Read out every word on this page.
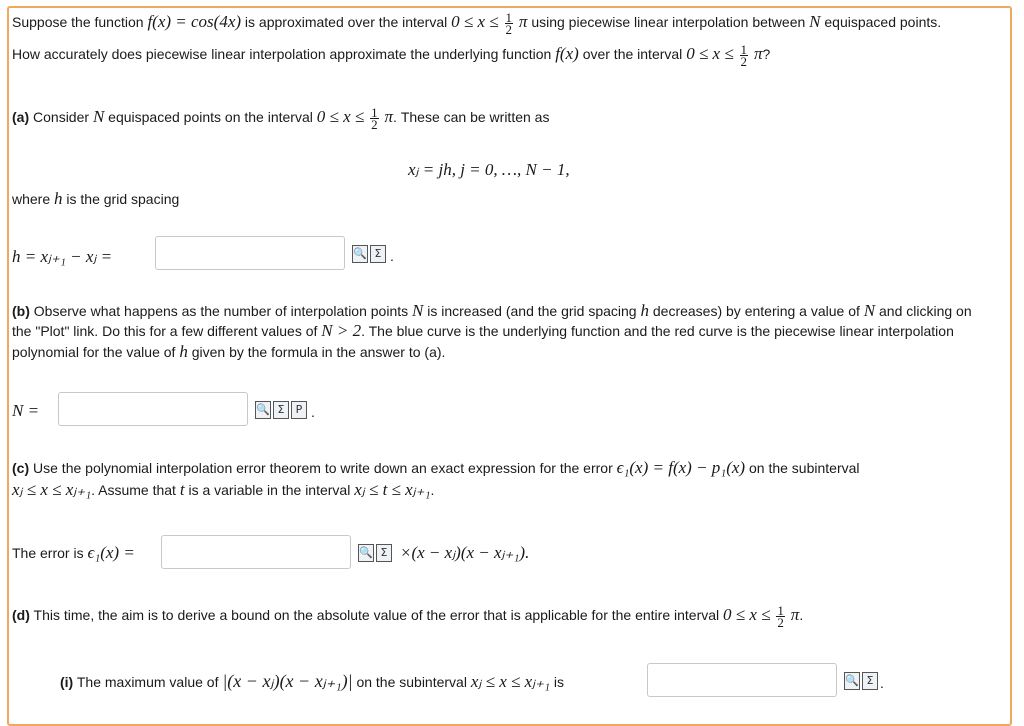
Suppose the function f(x) = cos(4x) is approximated over the interval $0 \le x \le \frac{1}{2}$ π using piecewise linear interpolation between N equispaced points.
How accurately does piecewise linear interpolation approximate the underlying function f(x) over the interval $0 \le x \le \frac{1}{2} \pi$?
(a) Consider N equispaced points on the interval $0 \le x \le \frac{1}{2} \pi$. These can be written as
xⱼ = jh, j = 0, …, N − 1,
where h is the grid spacing
h = xⱼ₊₁ − xⱼ =	🔍 Σ .
(b) Observe what happens as the number of interpolation points N is increased (and the grid spacing h decreases) by entering a value of N and clicking on
the "Plot" link. Do this for a few different values of N > 2. The blue curve is the underlying function and the red curve is the piecewise linear interpolation
polynomial for the value of h given by the formula in the answer to (a).
N =	🔍 Σ	P .
(c) Use the polynomial interpolation error theorem to write down an exact expression for the error ϵ₁(x) = f(x) − p₁(x) on the subinterval
xⱼ ≤ x ≤ xⱼ₊₁. Assume that t is a variable in the interval xⱼ ≤ t ≤ xⱼ₊₁.
The error is ϵ₁(x) =	🔍 Σ ×(x − xⱼ)(x − xⱼ₊₁).
(d) This time, the aim is to derive a bound on the absolute value of the error that is applicable for the entire interval $0 \le x \le \frac{1}{2} \pi$.
(i) The maximum value of |(x − xⱼ)(x − xⱼ₊₁)| on the subinterval xⱼ ≤ x ≤ xⱼ₊₁ is	🔍 Σ .
